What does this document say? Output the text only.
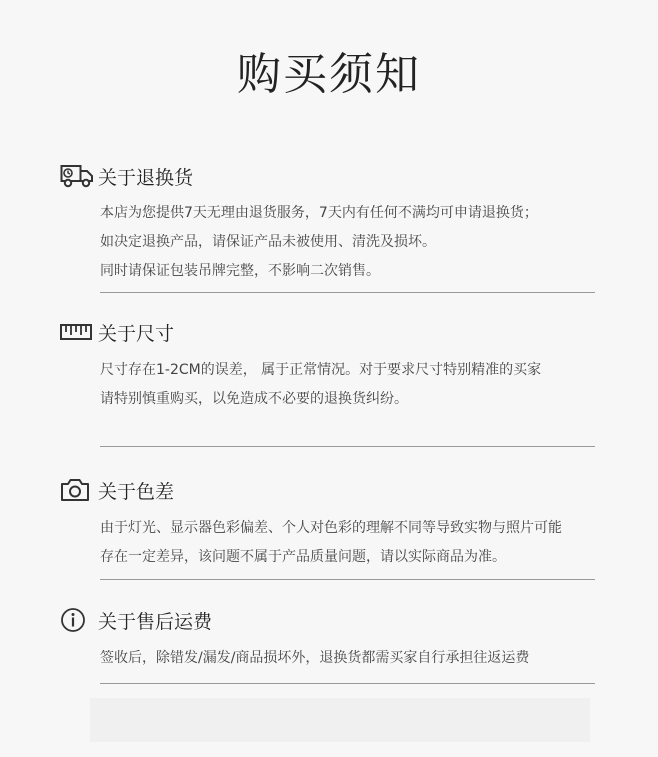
购买须知
关于退换货
本店为您提供7天无理由退货服务，7天内有任何不满均可申请退换货；
如决定退换产品，请保证产品未被使用、清洗及损坏。
同时请保证包装吊牌完整，不影响二次销售。
关于尺寸
尺寸存在1-2CM的误差， 属于正常情况。对于要求尺寸特别精准的买家
请特别慎重购买，以免造成不必要的退换货纠纷。
关于色差
由于灯光、显示器色彩偏差、个人对色彩的理解不同等导致实物与照片可能
存在一定差异，该问题不属于产品质量问题，请以实际商品为准。
关于售后运费
签收后，除错发/漏发/商品损坏外，退换货都需买家自行承担往返运费
